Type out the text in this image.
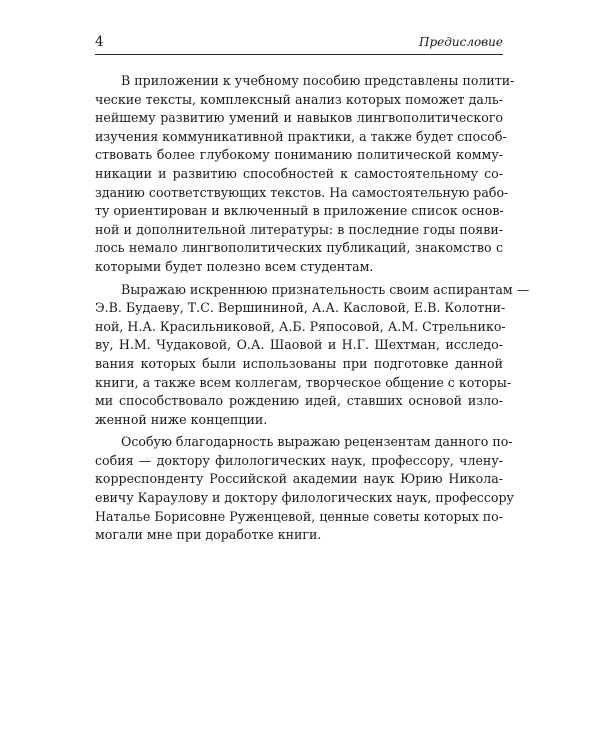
4	Предисловие

В приложении к учебному пособию представлены полити-
ческие тексты, комплексный анализ которых поможет даль-
нейшему развитию умений и навыков лингвополитического
изучения коммуникативной практики, а также будет способ-
ствовать более глубокому пониманию политической комму-
никации и развитию способностей к самостоятельному со-
зданию соответствующих текстов. На самостоятельную рабо-
ту ориентирован и включенный в приложение список основ-
ной и дополнительной литературы: в последние годы появи-
лось немало лингвополитических публикаций, знакомство с
которыми будет полезно всем студентам.

Выражаю искреннюю признательность своим аспирантам —
Э.В. Будаеву, Т.С. Вершининой, А.А. Касловой, Е.В. Колотни-
ной, Н.А. Красильниковой, А.Б. Ряпосовой, А.М. Стрельнико-
ву, Н.М. Чудаковой, О.А. Шаовой и Н.Г. Шехтман, исследо-
вания которых были использованы при подготовке данной
книги, а также всем коллегам, творческое общение с которы-
ми способствовало рождению идей, ставших основой изло-
женной ниже концепции.

Особую благодарность выражаю рецензентам данного по-
собия — доктору филологических наук, профессору, члену-
корреспонденту Российской академии наук Юрию Никола-
евичу Караулову и доктору филологических наук, профессору
Наталье Борисовне Руженцевой, ценные советы которых по-
могали мне при доработке книги.
